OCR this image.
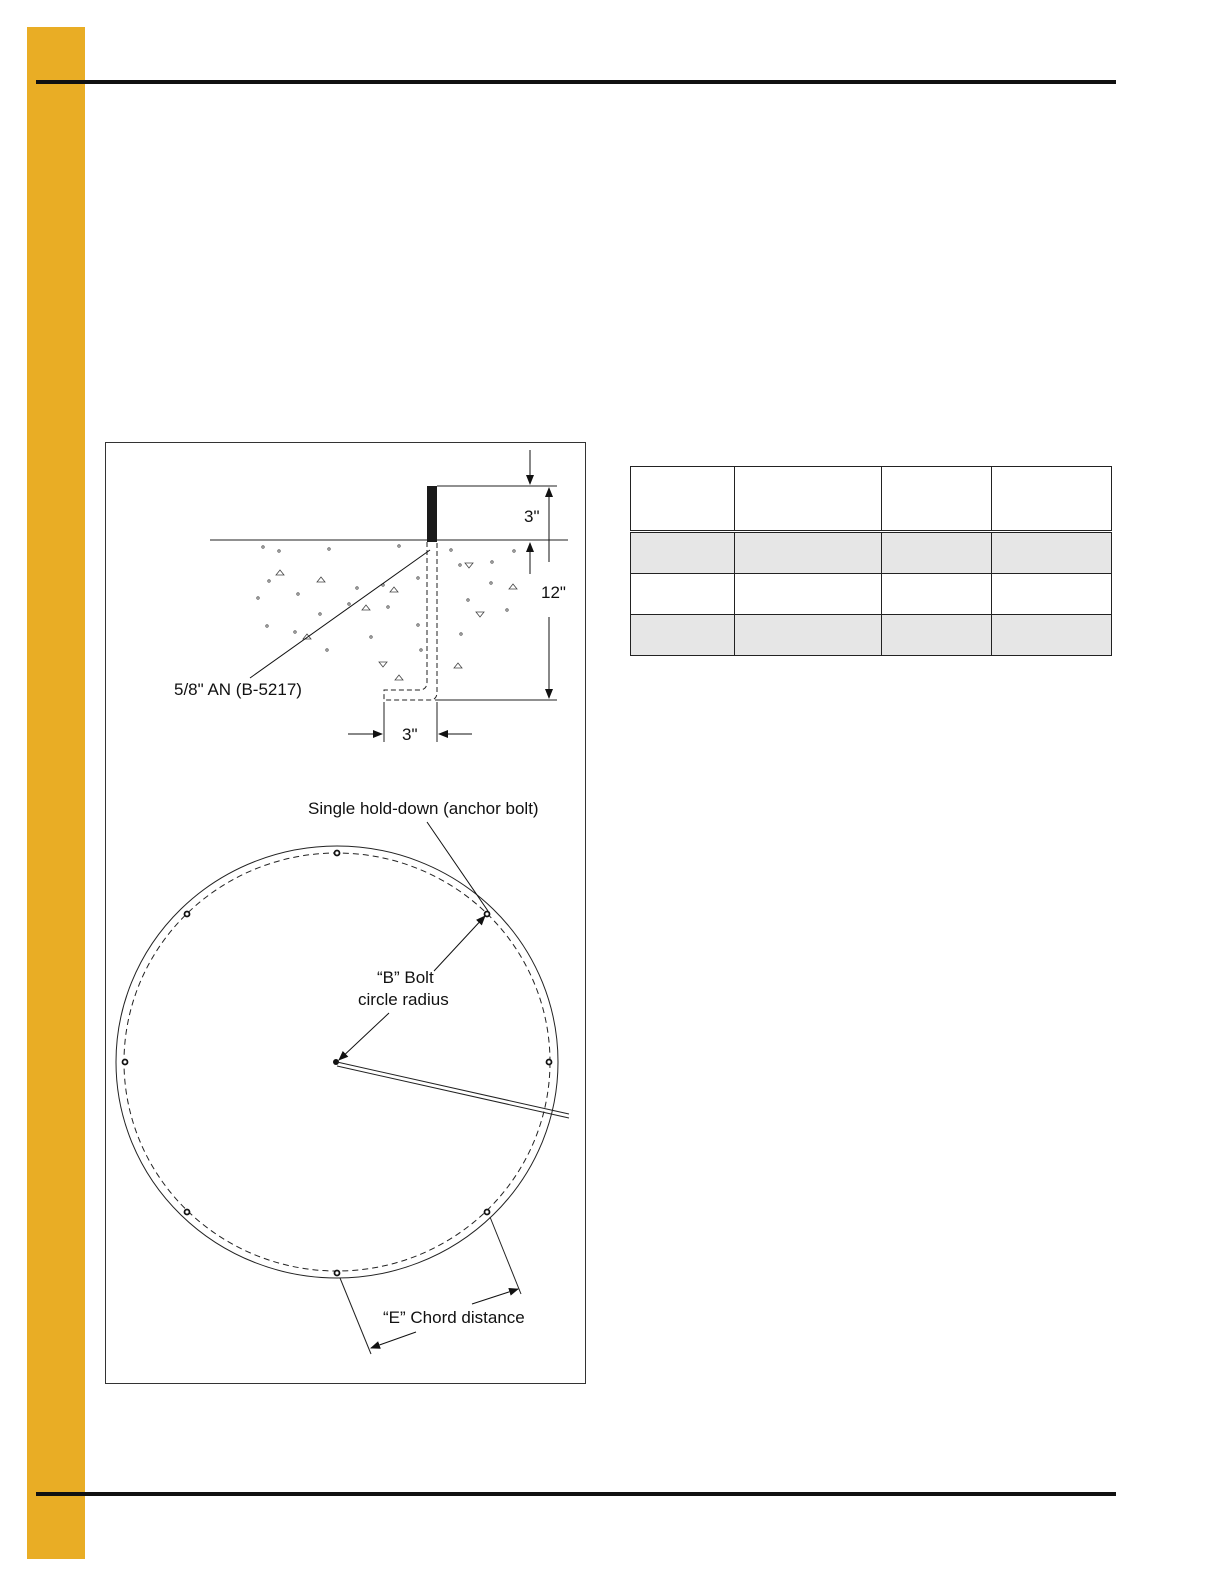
3"
12"
3"
5/8" AN (B-5217)
Single hold-down (anchor bolt)
“B” Bolt
circle radius
“E” Chord distance
